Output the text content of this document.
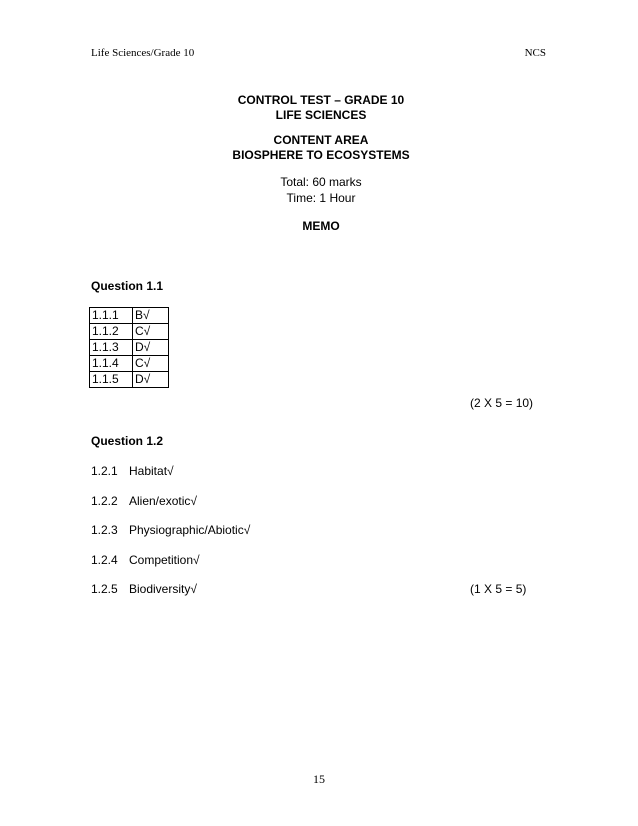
Life Sciences/Grade 10	NCS
CONTROL TEST – GRADE 10
LIFE SCIENCES
CONTENT AREA
BIOSPHERE TO ECOSYSTEMS
Total: 60 marks
Time: 1 Hour
MEMO
Question 1.1
1.1.1	B√
1.1.2	C√
1.1.3	D√
1.1.4	C√
1.1.5	D√
(2 X 5 = 10)
Question 1.2
1.2.1 Habitat√
1.2.2 Alien/exotic√
1.2.3 Physiographic/Abiotic√
1.2.4 Competition√
1.2.5 Biodiversity√	(1 X 5 = 5)
15
